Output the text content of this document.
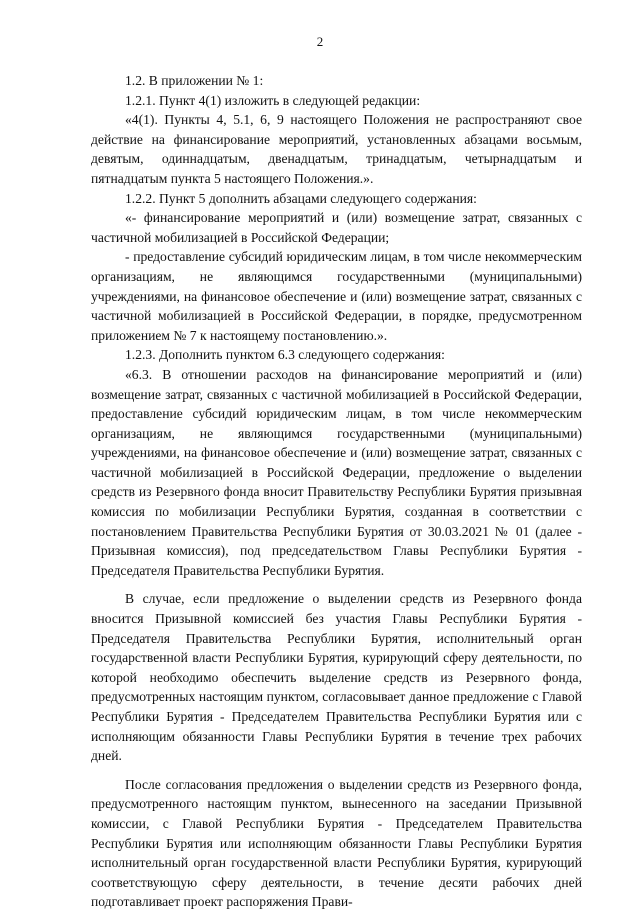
2

1.2. В приложении № 1:

1.2.1. Пункт 4(1) изложить в следующей редакции:

«4(1). Пункты 4, 5.1, 6, 9 настоящего Положения не распространяют свое действие на финансирование мероприятий, установленных абзацами восьмым, девятым, одиннадцатым, двенадцатым, тринадцатым, четырнадцатым и пятнадцатым пункта 5 настоящего Положения.».

1.2.2. Пункт 5 дополнить абзацами следующего содержания:

«- финансирование мероприятий и (или) возмещение затрат, связанных с частичной мобилизацией в Российской Федерации;

- предоставление субсидий юридическим лицам, в том числе некоммерческим организациям, не являющимся государственными (муниципальными) учреждениями, на финансовое обеспечение и (или) возмещение затрат, связанных с частичной мобилизацией в Российской Федерации, в порядке, предусмотренном приложением № 7 к настоящему постановлению.».

1.2.3. Дополнить пунктом 6.3 следующего содержания:

«6.3. В отношении расходов на финансирование мероприятий и (или) возмещение затрат, связанных с частичной мобилизацией в Российской Федерации, предоставление субсидий юридическим лицам, в том числе некоммерческим организациям, не являющимся государственными (муниципальными) учреждениями, на финансовое обеспечение и (или) возмещение затрат, связанных с частичной мобилизацией в Российской Федерации, предложение о выделении средств из Резервного фонда вносит Правительству Республики Бурятия призывная комиссия по мобилизации Республики Бурятия, созданная в соответствии с постановлением Правительства Республики Бурятия от 30.03.2021 № 01 (далее - Призывная комиссия), под председательством Главы Республики Бурятия - Председателя Правительства Республики Бурятия.

В случае, если предложение о выделении средств из Резервного фонда вносится Призывной комиссией без участия Главы Республики Бурятия - Председателя Правительства Республики Бурятия, исполнительный орган государственной власти Республики Бурятия, курирующий сферу деятельности, по которой необходимо обеспечить выделение средств из Резервного фонда, предусмотренных настоящим пунктом, согласовывает данное предложение с Главой Республики Бурятия - Председателем Правительства Республики Бурятия или с исполняющим обязанности Главы Республики Бурятия в течение трех рабочих дней.

После согласования предложения о выделении средств из Резервного фонда, предусмотренного настоящим пунктом, вынесенного на заседании Призывной комиссии, с Главой Республики Бурятия - Председателем Правительства Республики Бурятия или исполняющим обязанности Главы Республики Бурятия исполнительный орган государственной власти Республики Бурятия, курирующий соответствующую сферу деятельности, в течение десяти рабочих дней подготавливает проект распоряжения Прави-
